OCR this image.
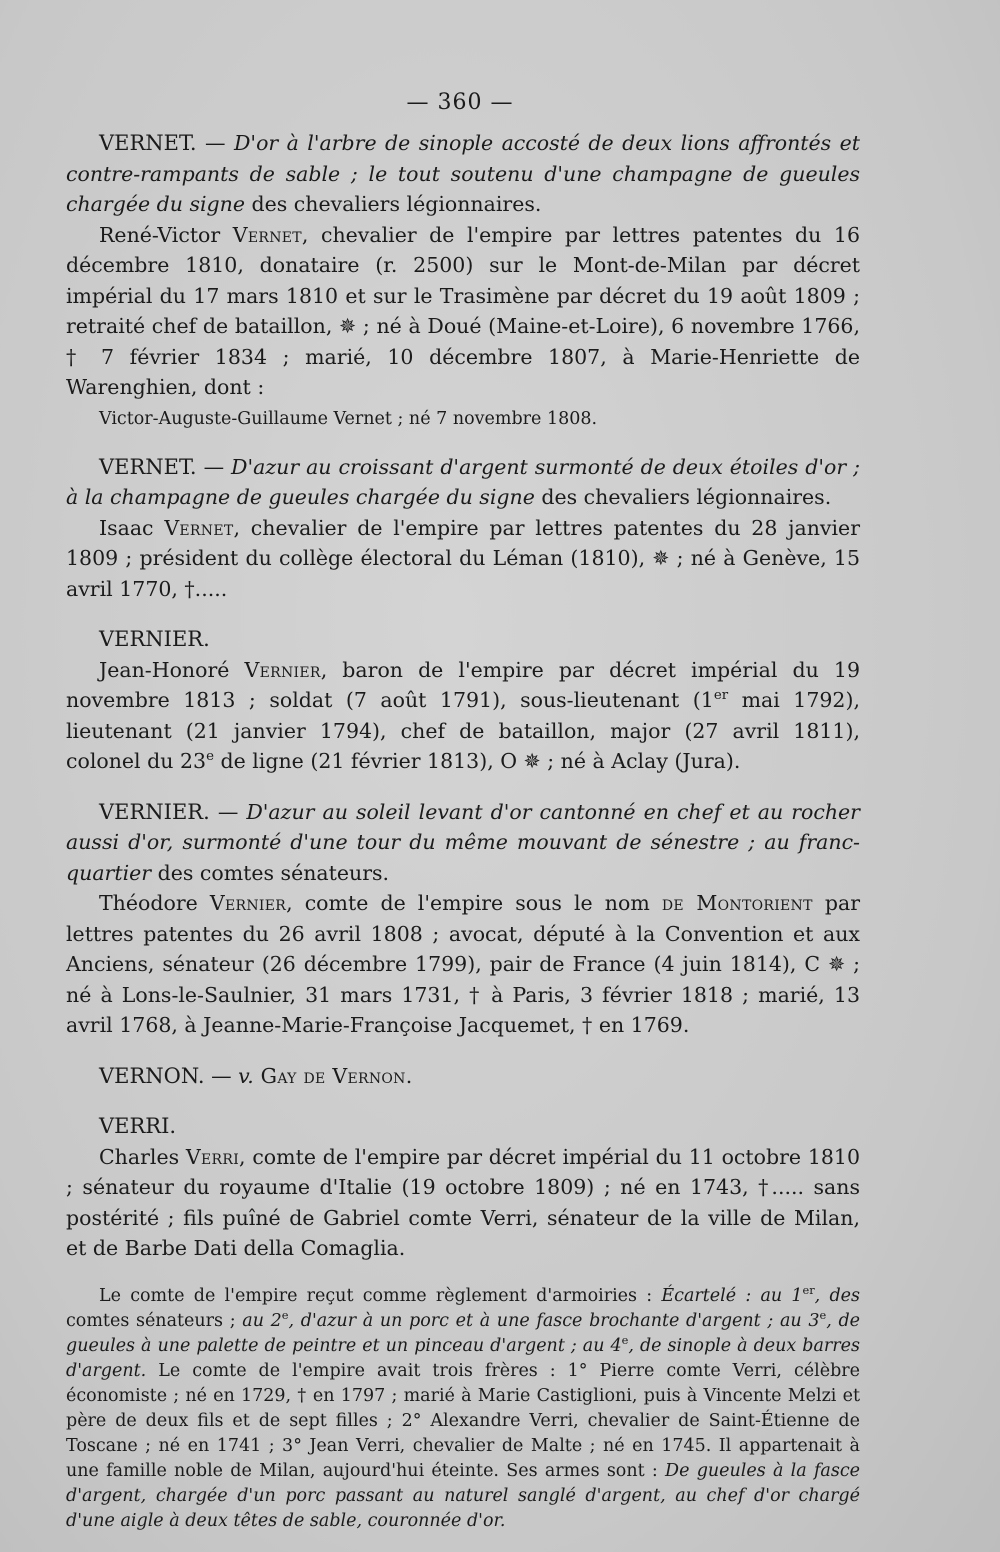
— 360 —

VERNET. — D'or à l'arbre de sinople accosté de deux lions affrontés et contre-rampants de sable ; le tout soutenu d'une champagne de gueules chargée du signe des chevaliers légionnaires.

René-Victor Vernet, chevalier de l'empire par lettres patentes du 16 décembre 1810, donataire (r. 2500) sur le Mont-de-Milan par décret impérial du 17 mars 1810 et sur le Trasimène par décret du 19 août 1809 ; retraité chef de bataillon, ✵ ; né à Doué (Maine-et-Loire), 6 novembre 1766, † 7 février 1834 ; marié, 10 décembre 1807, à Marie-Henriette de Warenghien, dont :

Victor-Auguste-Guillaume Vernet ; né 7 novembre 1808.

VERNET. — D'azur au croissant d'argent surmonté de deux étoiles d'or ; à la champagne de gueules chargée du signe des chevaliers légionnaires.

Isaac Vernet, chevalier de l'empire par lettres patentes du 28 janvier 1809 ; président du collège électoral du Léman (1810), ✵ ; né à Genève, 15 avril 1770, †.....

VERNIER.

Jean-Honoré Vernier, baron de l'empire par décret impérial du 19 novembre 1813 ; soldat (7 août 1791), sous-lieutenant (1er mai 1792), lieutenant (21 janvier 1794), chef de bataillon, major (27 avril 1811), colonel du 23e de ligne (21 février 1813), O ✵ ; né à Aclay (Jura).

VERNIER. — D'azur au soleil levant d'or cantonné en chef et au rocher aussi d'or, surmonté d'une tour du même mouvant de sénestre ; au franc-quartier des comtes sénateurs.

Théodore Vernier, comte de l'empire sous le nom de Montorient par lettres patentes du 26 avril 1808 ; avocat, député à la Convention et aux Anciens, sénateur (26 décembre 1799), pair de France (4 juin 1814), C ✵ ; né à Lons-le-Saulnier, 31 mars 1731, † à Paris, 3 février 1818 ; marié, 13 avril 1768, à Jeanne-Marie-Françoise Jacquemet, † en 1769.

VERNON. — v. Gay de Vernon.

VERRI.

Charles Verri, comte de l'empire par décret impérial du 11 octobre 1810 ; sénateur du royaume d'Italie (19 octobre 1809) ; né en 1743, †..... sans postérité ; fils puîné de Gabriel comte Verri, sénateur de la ville de Milan, et de Barbe Dati della Comaglia.

Le comte de l'empire reçut comme règlement d'armoiries : Écartelé : au 1er, des comtes sénateurs ; au 2e, d'azur à un porc et à une fasce brochante d'argent ; au 3e, de gueules à une palette de peintre et un pinceau d'argent ; au 4e, de sinople à deux barres d'argent. Le comte de l'empire avait trois frères : 1° Pierre comte Verri, célèbre économiste ; né en 1729, † en 1797 ; marié à Marie Castiglioni, puis à Vincente Melzi et père de deux fils et de sept filles ; 2° Alexandre Verri, chevalier de Saint-Étienne de Toscane ; né en 1741 ; 3° Jean Verri, chevalier de Malte ; né en 1745. Il appartenait à une famille noble de Milan, aujourd'hui éteinte. Ses armes sont : De gueules à la fasce d'argent, chargée d'un porc passant au naturel sanglé d'argent, au chef d'or chargé d'une aigle à deux têtes de sable, couronnée d'or.
